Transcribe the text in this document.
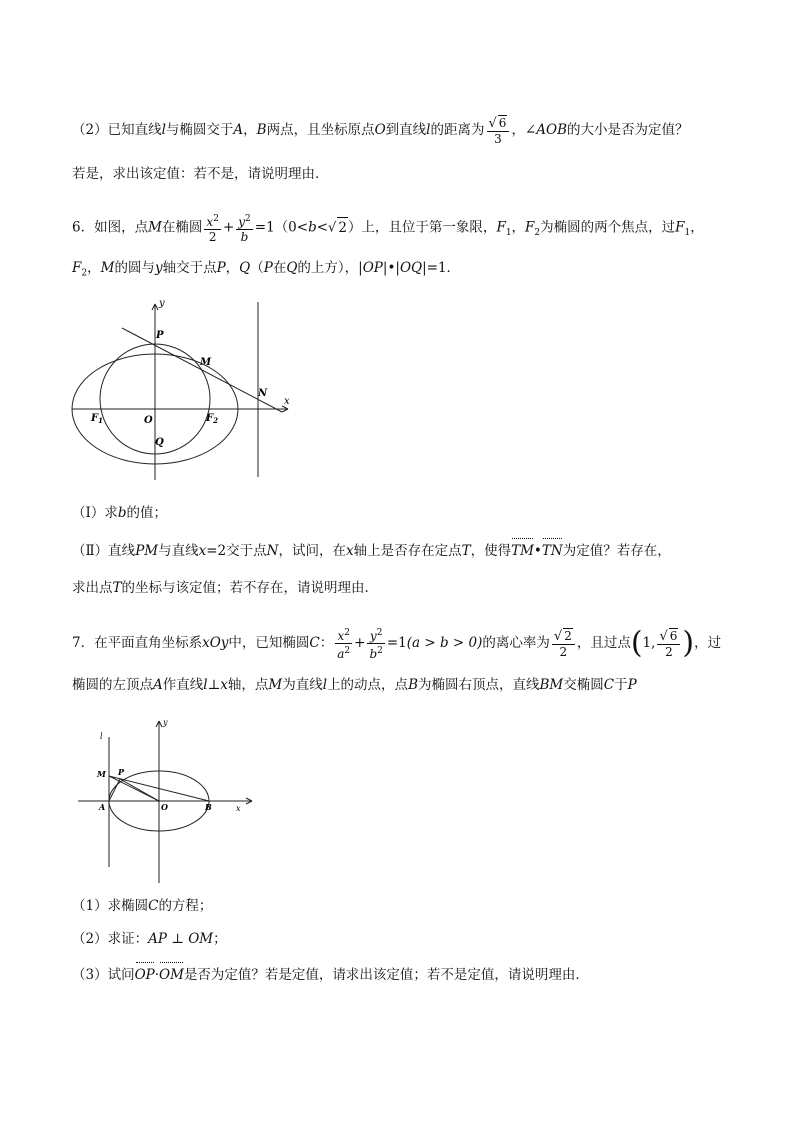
（2）已知直线l与椭圆交于A，B两点，且坐标原点O到直线l的距离为 $\frac{√ 6}{3}$ ，∠AOB的大小是否为定值？
若是，求出该定值：若不是，请说明理由．
6．如图，点M在椭圆 $\frac{x^2}{2} + \frac{y^2}{b} =1(0<b<√$ 2）上，且位于第一象限，$F_1$，$F_2$为椭圆的两个焦点，过$F_1$，
$F_2$，M的圆与y轴交于点P，Q（P在Q的上方），|OP|•|OQ|=1．
y
x
P
M
N
$F_1$	O	$F_2$
Q
（Ⅰ）求b的值；
（Ⅱ）直线PM与直线x=2交于点N，试问，在x轴上是否存在定点T，使得TM•TN为定值？若存在，
求出点T的坐标与该定值；若不存在，请说明理由．
7．在平面直角坐标系xOy中，已知椭圆C： $\frac{x^2}{a^2} + \frac{y^2}{b^2} =1(a > b > 0)$的离心率为 $\frac{√ 2}{2}$ ，且过点(1, $\frac{√ 6}{2}$ )，过
椭圆的左顶点A作直线l⊥x轴，点M为直线l上的动点，点B为椭圆右顶点，直线BM交椭圆C于P
y
l
M P
A	O	B	x
（1）求椭圆C的方程；
（2）求证：AP ⊥ OM；
（3）试问OP·OM是否为定值？若是定值，请求出该定值；若不是定值，请说明理由．
